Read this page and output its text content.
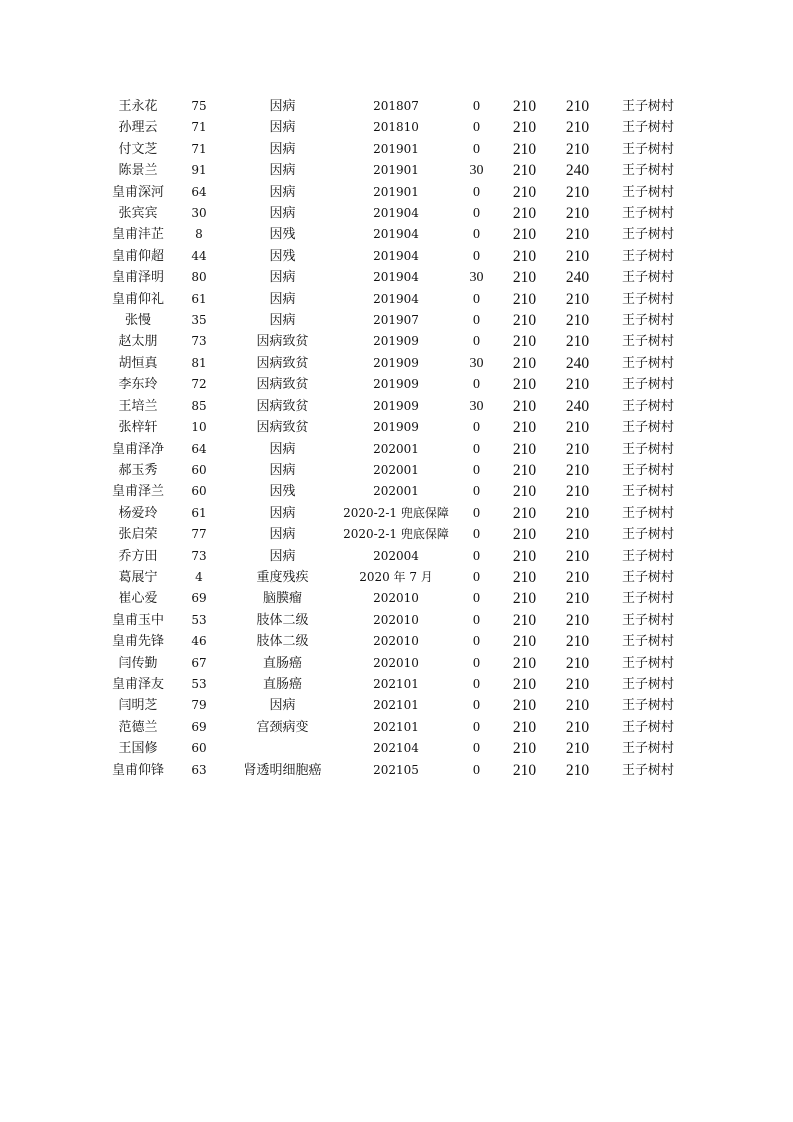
王永花	75	因病	201807	0	210	210	王子树村
孙理云	71	因病	201810	0	210	210	王子树村
付文芝	71	因病	201901	0	210	210	王子树村
陈景兰	91	因病	201901	30	210	240	王子树村
皇甫深河	64	因病	201901	0	210	210	王子树村
张宾宾	30	因病	201904	0	210	210	王子树村
皇甫沣芷	8	因残	201904	0	210	210	王子树村
皇甫仰超	44	因残	201904	0	210	210	王子树村
皇甫泽明	80	因病	201904	30	210	240	王子树村
皇甫仰礼	61	因病	201904	0	210	210	王子树村
张慢	35	因病	201907	0	210	210	王子树村
赵太朋	73	因病致贫	201909	0	210	210	王子树村
胡恒真	81	因病致贫	201909	30	210	240	王子树村
李东玲	72	因病致贫	201909	0	210	210	王子树村
王培兰	85	因病致贫	201909	30	210	240	王子树村
张梓轩	10	因病致贫	201909	0	210	210	王子树村
皇甫泽净	64	因病	202001	0	210	210	王子树村
郝玉秀	60	因病	202001	0	210	210	王子树村
皇甫泽兰	60	因残	202001	0	210	210	王子树村
杨爱玲	61	因病	2020-2-1 兜底保障	0	210	210	王子树村
张启荣	77	因病	2020-2-1 兜底保障	0	210	210	王子树村
乔方田	73	因病	202004	0	210	210	王子树村
葛展宁	4	重度残疾	2020 年 7 月	0	210	210	王子树村
崔心爱	69	脑膜瘤	202010	0	210	210	王子树村
皇甫玉中	53	肢体二级	202010	0	210	210	王子树村
皇甫先锋	46	肢体二级	202010	0	210	210	王子树村
闫传勤	67	直肠癌	202010	0	210	210	王子树村
皇甫泽友	53	直肠癌	202101	0	210	210	王子树村
闫明芝	79	因病	202101	0	210	210	王子树村
范德兰	69	宫颈病变	202101	0	210	210	王子树村
王国修	60		202104	0	210	210	王子树村
皇甫仰锋	63	肾透明细胞癌	202105	0	210	210	王子树村
